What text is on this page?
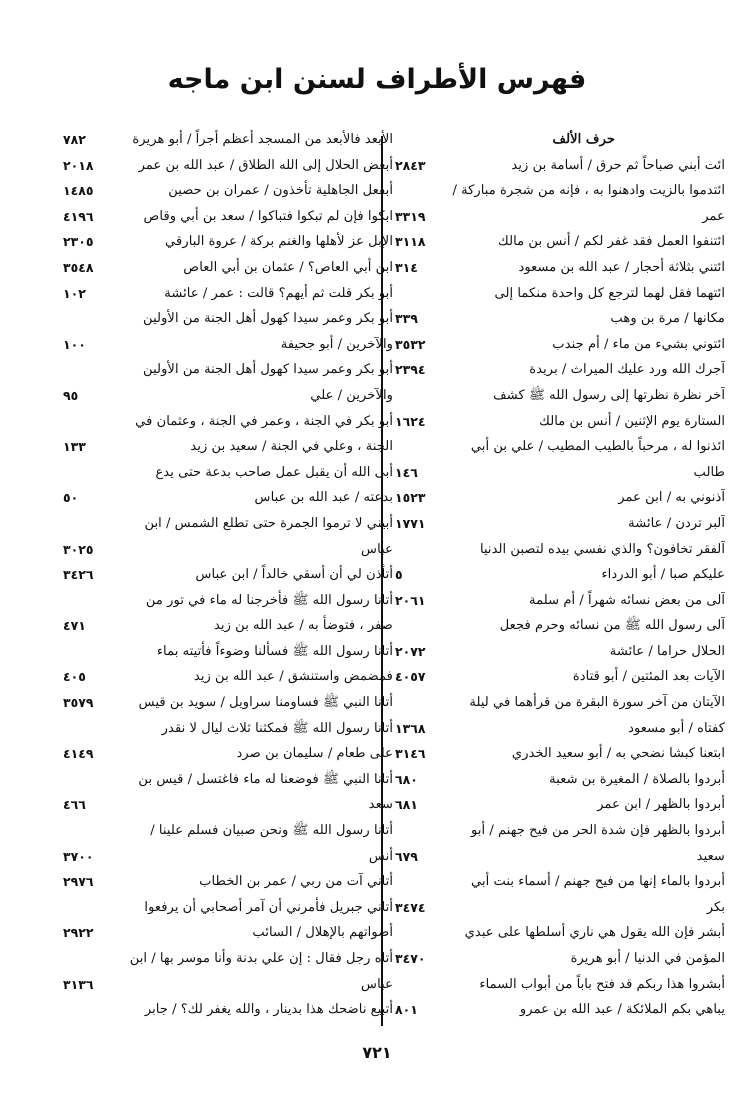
فهرس الأطراف لسنن ابن ماجه
حرف الألف
ائت أبني صباحاً ثم حرق / أسامة بن زيد
٢٨٤٣
ائتدموا بالزيت وادهنوا به ، فإنه من شجرة مباركة /
عمر
٣٣١٩
ائتنفوا العمل فقد غفر لكم / أنس بن مالك
٣١١٨
ائتني بثلاثة أحجار / عبد الله بن مسعود
٣١٤
ائتهما فقل لهما لترجع كل واحدة منكما إلى
مكانها / مرة بن وهب
٣٣٩
ائتوني بشيء من ماء / أم جندب
٣٥٣٢
آجرك الله ورد عليك الميراث / بريدة
٢٣٩٤
آخر نظرة نظرتها إلى رسول الله ﷺ كشف
الستارة يوم الإثنين / أنس بن مالك
١٦٢٤
ائذنوا له ، مرحباً بالطيب المطيب / علي بن أبي
طالب
١٤٦
آذنوني به / ابن عمر
١٥٢٣
آلبر تردن / عائشة
١٧٧١
آلفقر تخافون؟ والذي نفسي بيده لتصبن الدنيا
عليكم صبا / أبو الدرداء
٥
آلى من بعض نسائه شهراً / أم سلمة
٢٠٦١
آلى رسول الله ﷺ من نسائه وحرم فجعل
الحلال حراما / عائشة
٢٠٧٢
الآيات بعد المئتين / أبو قتادة
٤٠٥٧
الآيتان من آخر سورة البقرة من قرأهما في ليلة
كفتاه / أبو مسعود
١٣٦٨
ابتعنا كبشا نضحي به / أبو سعيد الخدري
٣١٤٦
أبردوا بالصلاة / المغيرة بن شعبة
٦٨٠
أبردوا بالظهر / ابن عمر
٦٨١
أبردوا بالظهر فإن شدة الحر من فيح جهنم / أبو
سعيد
٦٧٩
أبردوا بالماء إنها من فيح جهنم / أسماء بنت أبي
بكر
٣٤٧٤
أبشر فإن الله يقول هي ناري أسلطها على عبدي
المؤمن في الدنيا / أبو هريرة
٣٤٧٠
أبشروا هذا ربكم قد فتح باباً من أبواب السماء
يباهي بكم الملائكة / عبد الله بن عمرو
٨٠١
الأبعد فالأبعد من المسجد أعظم أجراً / أبو هريرة
٧٨٢
أبغض الحلال إلى الله الطلاق / عبد الله بن عمر
٢٠١٨
أبفعل الجاهلية تأخذون / عمران بن حصين
١٤٨٥
ابكوا فإن لم تبكوا فتباكوا / سعد بن أبي وقاص
٤١٩٦
الإبل عز لأهلها والغنم بركة / عروة البارقي
٢٣٠٥
ابن أبي العاص؟ / عثمان بن أبي العاص
٣٥٤٨
أبو بكر قلت ثم أيهم؟ قالت : عمر / عائشة
١٠٢
أبو بكر وعمر سيدا كهول أهل الجنة من الأولين
والآخرين / أبو جحيفة
١٠٠
أبو بكر وعمر سيدا كهول أهل الجنة من الأولين
والآخرين / علي
٩٥
أبو بكر في الجنة ، وعمر في الجنة ، وعثمان في
الجنة ، وعلي في الجنة / سعيد بن زيد
١٣٣
أبى الله أن يقبل عمل صاحب بدعة حتى يدع
بدعته / عبد الله بن عباس
٥٠
أبيني لا ترموا الجمرة حتى تطلع الشمس / ابن
عباس
٣٠٢٥
أتأذن لي أن أسقي خالداً / ابن عباس
٣٤٢٦
أتانا رسول الله ﷺ فأخرجنا له ماء في تور من
صفر ، فتوضأ به / عبد الله بن زيد
٤٧١
أتانا رسول الله ﷺ فسألنا وضوءاً فأتيته بماء
فمضمض واستنشق / عبد الله بن زيد
٤٠٥
أتانا النبي ﷺ فساومنا سراويل / سويد بن قيس
٣٥٧٩
أتانا رسول الله ﷺ فمكثنا ثلاث ليال لا نقدر
على طعام / سليمان بن صرد
٤١٤٩
أتانا النبي ﷺ فوضعنا له ماء فاغتسل / قيس بن
سعد
٤٦٦
أتانا رسول الله ﷺ ونحن صبيان فسلم علينا /
أنس
٣٧٠٠
أتاني آت من ربي / عمر بن الخطاب
٢٩٧٦
أتاني جبريل فأمرني أن آمر أصحابي أن يرفعوا
أصواتهم بالإهلال / السائب
٢٩٢٢
أتاه رجل فقال : إن علي بدنة وأنا موسر بها / ابن
عباس
٣١٣٦
أتبيع ناضحك هذا بدينار ، والله يغفر لك؟ / جابر
٧٢١
